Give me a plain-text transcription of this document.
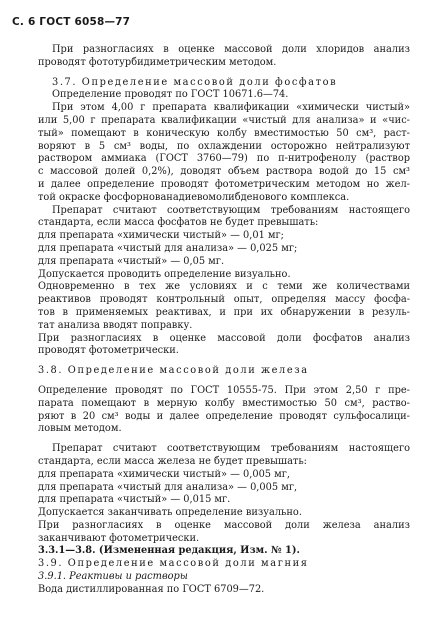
С. 6 ГОСТ 6058—77
При разногласиях в оценке массовой доли хлоридов анализ
проводят фототурбидиметрическим методом.
3.7. Определение массовой доли фосфатов
Определение проводят по ГОСТ 10671.6—74.
При этом 4,00 г препарата квалификации «химически чистый»
или 5,00 г препарата квалификации «чистый для анализа» и «чис-
тый» помещают в коническую колбу вместимостью 50 см³, раст-
воряют в 5 см³ воды, по охлаждении осторожно нейтрализуют
раствором аммиака (ГОСТ 3760—79) по п-нитрофенолу (раствор
с массовой долей 0,2%), доводят объем раствора водой до 15 см³
и далее определение проводят фотометрическим методом но жел-
той окраске фосфорнованадиевомолибденового комплекса.
Препарат считают соответствующим требованиям настоящего
стандарта, если масса фосфатов не будет превышать:
для препарата «химически чистый» — 0,01 мг;
для препарата «чистый для анализа» — 0,025 мг;
для препарата «чистый» — 0,05 мг.
Допускается проводить определение визуально.
Одновременно в тех же условиях и с теми же количествами
реактивов проводят контрольный опыт, определяя массу фосфа-
тов в применяемых реактивах, и при их обнаружении в резуль-
тат анализа вводят поправку.
При разногласиях в оценке массовой доли фосфатов анализ
проводят фотометрически.
3.8. Определение массовой доли железа
Определение проводят по ГОСТ 10555-75. При этом 2,50 г пре-
парата помещают в мерную колбу вместимостью 50 см³, раство-
ряют в 20 см³ воды и далее определение проводят сульфосалици-
ловым методом.
Препарат считают соответствующим требованиям настоящего
стандарта, если масса железа не будет превышать:
для препарата «химически чистый» — 0,005 мг,
для препарата «чистый для анализа» — 0,005 мг,
для препарата «чистый» — 0,015 мг.
Допускается заканчивать определение визуально.
При разногласиях в оценке массовой доли железа анализ
заканчивают фотометрически.
3.3.1—3.8. (Измененная редакция, Изм. № 1).
3.9. Определение массовой доли магния
3.9.1. Реактивы и растворы
Вода дистиллированная по ГОСТ 6709—72.
